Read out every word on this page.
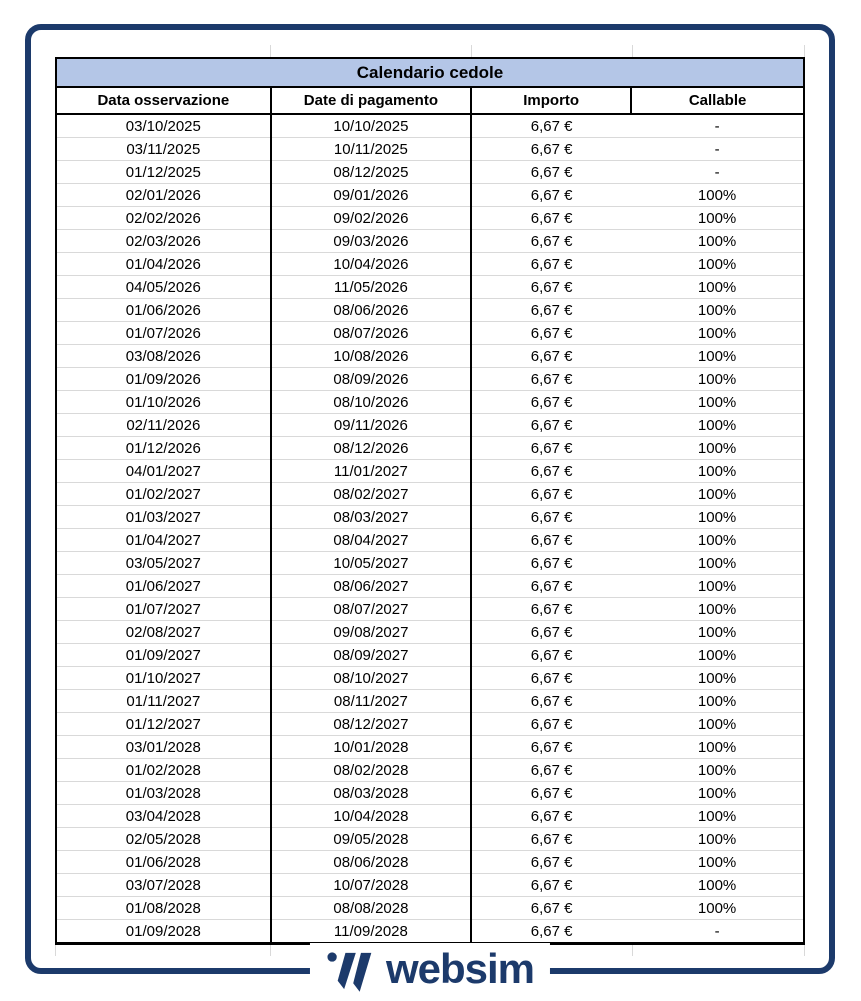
Calendario cedole			
Data osservazione	Date di pagamento	Importo	Callable
03/10/2025	10/10/2025	6,67 €	-
03/11/2025	10/11/2025	6,67 €	-
01/12/2025	08/12/2025	6,67 €	-
02/01/2026	09/01/2026	6,67 €	100%
02/02/2026	09/02/2026	6,67 €	100%
02/03/2026	09/03/2026	6,67 €	100%
01/04/2026	10/04/2026	6,67 €	100%
04/05/2026	11/05/2026	6,67 €	100%
01/06/2026	08/06/2026	6,67 €	100%
01/07/2026	08/07/2026	6,67 €	100%
03/08/2026	10/08/2026	6,67 €	100%
01/09/2026	08/09/2026	6,67 €	100%
01/10/2026	08/10/2026	6,67 €	100%
02/11/2026	09/11/2026	6,67 €	100%
01/12/2026	08/12/2026	6,67 €	100%
04/01/2027	11/01/2027	6,67 €	100%
01/02/2027	08/02/2027	6,67 €	100%
01/03/2027	08/03/2027	6,67 €	100%
01/04/2027	08/04/2027	6,67 €	100%
03/05/2027	10/05/2027	6,67 €	100%
01/06/2027	08/06/2027	6,67 €	100%
01/07/2027	08/07/2027	6,67 €	100%
02/08/2027	09/08/2027	6,67 €	100%
01/09/2027	08/09/2027	6,67 €	100%
01/10/2027	08/10/2027	6,67 €	100%
01/11/2027	08/11/2027	6,67 €	100%
01/12/2027	08/12/2027	6,67 €	100%
03/01/2028	10/01/2028	6,67 €	100%
01/02/2028	08/02/2028	6,67 €	100%
01/03/2028	08/03/2028	6,67 €	100%
03/04/2028	10/04/2028	6,67 €	100%
02/05/2028	09/05/2028	6,67 €	100%
01/06/2028	08/06/2028	6,67 €	100%
03/07/2028	10/07/2028	6,67 €	100%
01/08/2028	08/08/2028	6,67 €	100%
01/09/2028	11/09/2028	6,67 €	-
websim
